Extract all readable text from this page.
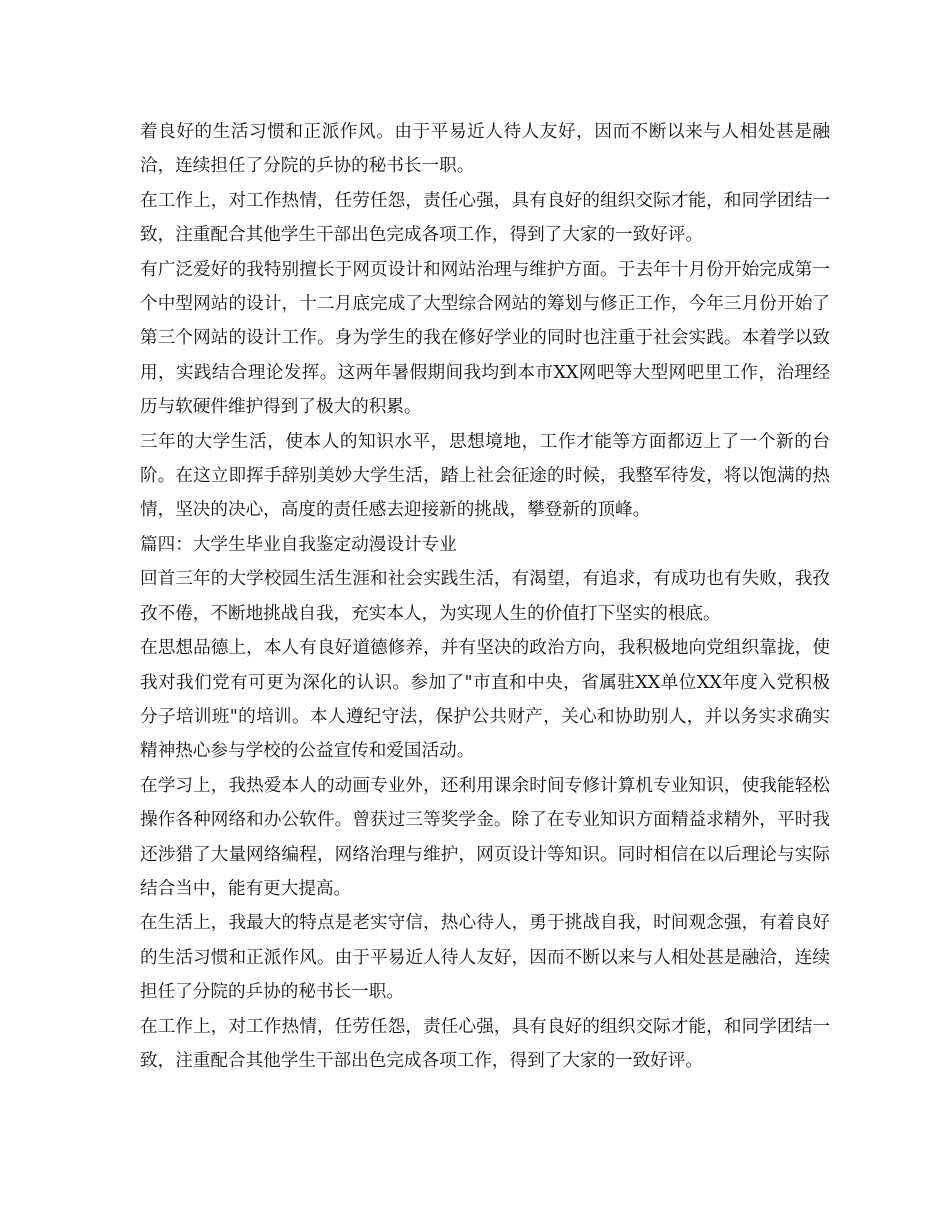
着良好的生活习惯和正派作风。由于平易近人待人友好，因而不断以来与人相处甚是融洽，连续担任了分院的乒协的秘书长一职。

在工作上，对工作热情，任劳任怨，责任心强，具有良好的组织交际才能，和同学团结一致，注重配合其他学生干部出色完成各项工作，得到了大家的一致好评。

有广泛爱好的我特别擅长于网页设计和网站治理与维护方面。于去年十月份开始完成第一个中型网站的设计，十二月底完成了大型综合网站的筹划与修正工作，今年三月份开始了第三个网站的设计工作。身为学生的我在修好学业的同时也注重于社会实践。本着学以致用，实践结合理论发挥。这两年暑假期间我均到本市XX网吧等大型网吧里工作，治理经历与软硬件维护得到了极大的积累。

三年的大学生活，使本人的知识水平，思想境地，工作才能等方面都迈上了一个新的台阶。在这立即挥手辞别美妙大学生活，踏上社会征途的时候，我整军待发，将以饱满的热情，坚决的决心，高度的责任感去迎接新的挑战，攀登新的顶峰。

篇四：大学生毕业自我鉴定动漫设计专业

回首三年的大学校园生活生涯和社会实践生活，有渴望，有追求，有成功也有失败，我孜孜不倦，不断地挑战自我，充实本人，为实现人生的价值打下坚实的根底。

在思想品德上，本人有良好道德修养，并有坚决的政治方向，我积极地向党组织靠拢，使我对我们党有可更为深化的认识。参加了"市直和中央，省属驻XX单位XX年度入党积极分子培训班"的培训。本人遵纪守法，保护公共财产，关心和协助别人，并以务实求确实精神热心参与学校的公益宣传和爱国活动。

在学习上，我热爱本人的动画专业外，还利用课余时间专修计算机专业知识，使我能轻松操作各种网络和办公软件。曾获过三等奖学金。除了在专业知识方面精益求精外，平时我还涉猎了大量网络编程，网络治理与维护，网页设计等知识。同时相信在以后理论与实际结合当中，能有更大提高。

在生活上，我最大的特点是老实守信，热心待人，勇于挑战自我，时间观念强，有着良好的生活习惯和正派作风。由于平易近人待人友好，因而不断以来与人相处甚是融洽，连续担任了分院的乒协的秘书长一职。

在工作上，对工作热情，任劳任怨，责任心强，具有良好的组织交际才能，和同学团结一致，注重配合其他学生干部出色完成各项工作，得到了大家的一致好评。
